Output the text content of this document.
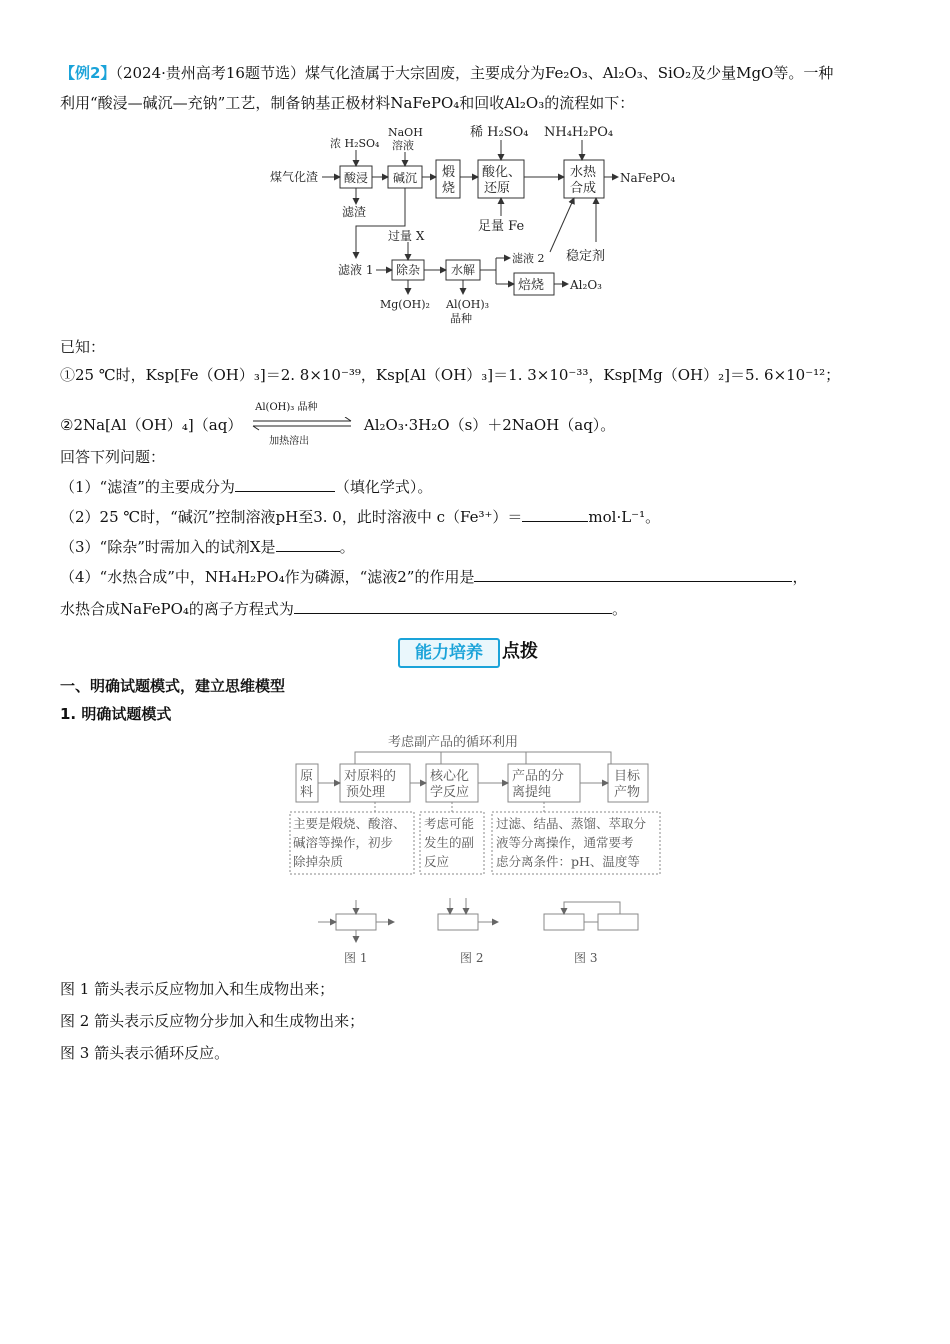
【例2】（2024·贵州高考16题节选）煤气化渣属于大宗固废，主要成分为Fe₂O₃、Al₂O₃、SiO₂及少量MgO等。一种
利用“酸浸—碱沉—充钠”工艺，制备钠基正极材料NaFePO₄和回收Al₂O₃的流程如下：
煤气化渣
浓 H₂SO₄
NaOH
溶液
酸浸 碱沉
滤渣
煅
烧
稀 H₂SO₄ NH₄H₂PO₄
酸化、
还原
水热
合成
NaFePO₄
足量 Fe
过量 X
滤液 1 除杂	水解
滤液 2 稳定剂
焙烧 Al₂O₃
Mg(OH)₂ Al(OH)₃
晶种
已知：
①25 ℃时，Ksp[Fe（OH）₃]＝2. 8×10⁻³⁹，Ksp[Al（OH）₃]＝1. 3×10⁻³³，Ksp[Mg（OH）₂]＝5. 6×10⁻¹²；
②2Na[Al（OH）₄]（aq）
Al(OH)₃ 晶种
加热溶出
Al₂O₃·3H₂O（s）＋2NaOH（aq）。
回答下列问题：
（1）“滤渣”的主要成分为	（填化学式）。
（2）25 ℃时，“碱沉”控制溶液pH至3. 0，此时溶液中 c（Fe³⁺）＝	mol·L⁻¹。
（3）“除杂”时需加入的试剂X是	。
（4）“水热合成”中，NH₄H₂PO₄作为磷源，“滤液2”的作用是	，
水热合成NaFePO₄的离子方程式为	。
能力培养	点拨
一、明确试题模式，建立思维模型
1. 明确试题模式
考虑副产品的循环利用
原
料
对原料的
预处理
核心化
学反应
产品的分
离提纯
目标
产物
主要是煅烧、酸溶、
碱溶等操作，初步
除掉杂质
考虑可能
发生的副
反应
过滤、结晶、蒸馏、萃取分
液等分离操作，通常要考
虑分离条件：pH、温度等
图 1	图 2	图 3
图 1 箭头表示反应物加入和生成物出来；
图 2 箭头表示反应物分步加入和生成物出来；
图 3 箭头表示循环反应。
